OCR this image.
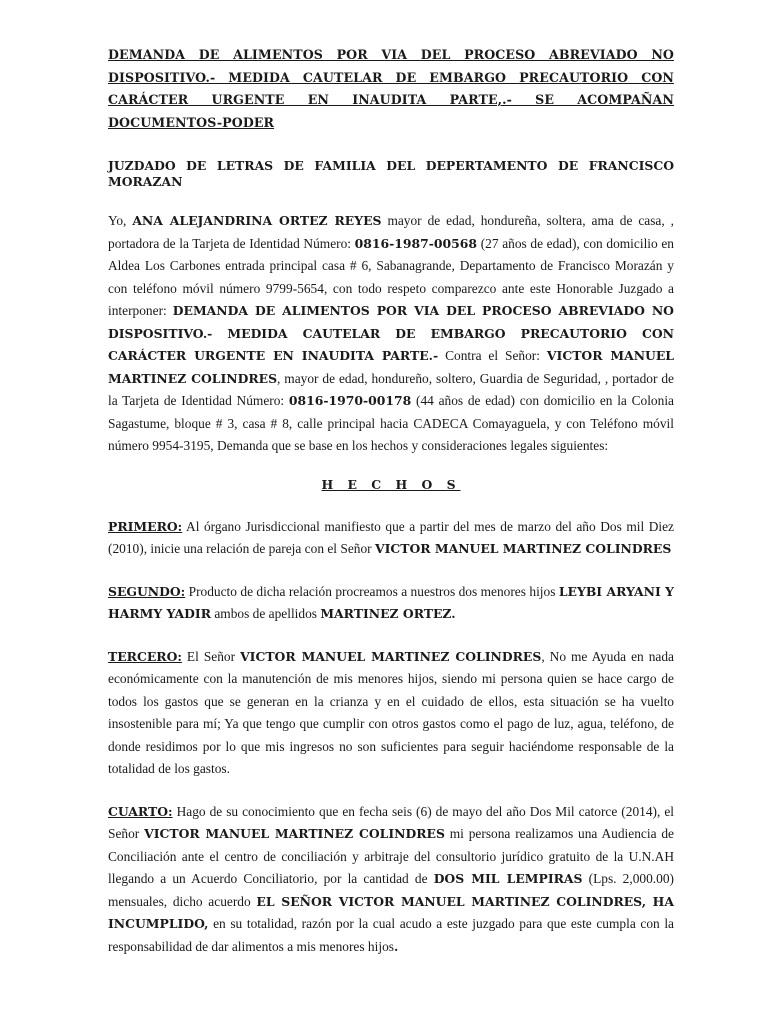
DEMANDA DE ALIMENTOS POR VIA DEL PROCESO ABREVIADO NO DISPOSITIVO.- MEDIDA CAUTELAR DE EMBARGO PRECAUTORIO CON CARÁCTER URGENTE EN INAUDITA PARTE,.- SE ACOMPAÑAN DOCUMENTOS-PODER

JUZDADO DE LETRAS DE FAMILIA DEL DEPERTAMENTO DE FRANCISCO MORAZAN

Yo, ANA ALEJANDRINA ORTEZ REYES mayor de edad, hondureña, soltera, ama de casa, , portadora de la Tarjeta de Identidad Número: 0816-1987-00568 (27 años de edad), con domicilio en Aldea Los Carbones entrada principal casa # 6, Sabanagrande, Departamento de Francisco Morazán y con teléfono móvil número 9799-5654, con todo respeto comparezco ante este Honorable Juzgado a interponer: DEMANDA DE ALIMENTOS POR VIA DEL PROCESO ABREVIADO NO DISPOSITIVO.- MEDIDA CAUTELAR DE EMBARGO PRECAUTORIO CON CARÁCTER URGENTE EN INAUDITA PARTE.- Contra el Señor: VICTOR MANUEL MARTINEZ COLINDRES, mayor de edad, hondureño, soltero, Guardia de Seguridad, , portador de la Tarjeta de Identidad Número: 0816-1970-00178 (44 años de edad) con domicilio en la Colonia Sagastume, bloque # 3, casa # 8, calle principal hacia CADECA Comayaguela, y con Teléfono móvil número 9954-3195, Demanda que se base en los hechos y consideraciones legales siguientes:

H E C H O S

PRIMERO: Al órgano Jurisdiccional manifiesto que a partir del mes de marzo del año Dos mil Diez (2010), inicie una relación de pareja con el Señor VICTOR MANUEL MARTINEZ COLINDRES

SEGUNDO: Producto de dicha relación procreamos a nuestros dos menores hijos LEYBI ARYANI Y HARMY YADIR ambos de apellidos MARTINEZ ORTEZ.

TERCERO: El Señor VICTOR MANUEL MARTINEZ COLINDRES, No me Ayuda en nada económicamente con la manutención de mis menores hijos, siendo mi persona quien se hace cargo de todos los gastos que se generan en la crianza y en el cuidado de ellos, esta situación se ha vuelto insostenible para mí; Ya que tengo que cumplir con otros gastos como el pago de luz, agua, teléfono, de donde residimos por lo que mis ingresos no son suficientes para seguir haciéndome responsable de la totalidad de los gastos.

CUARTO: Hago de su conocimiento que en fecha seis (6) de mayo del año Dos Mil catorce (2014), el Señor VICTOR MANUEL MARTINEZ COLINDRES mi persona realizamos una Audiencia de Conciliación ante el centro de conciliación y arbitraje del consultorio jurídico gratuito de la U.N.AH llegando a un Acuerdo Conciliatorio, por la cantidad de DOS MIL LEMPIRAS (Lps. 2,000.00) mensuales, dicho acuerdo EL SEÑOR VICTOR MANUEL MARTINEZ COLINDRES, HA INCUMPLIDO, en su totalidad, razón por la cual acudo a este juzgado para que este cumpla con la responsabilidad de dar alimentos a mis menores hijos.
